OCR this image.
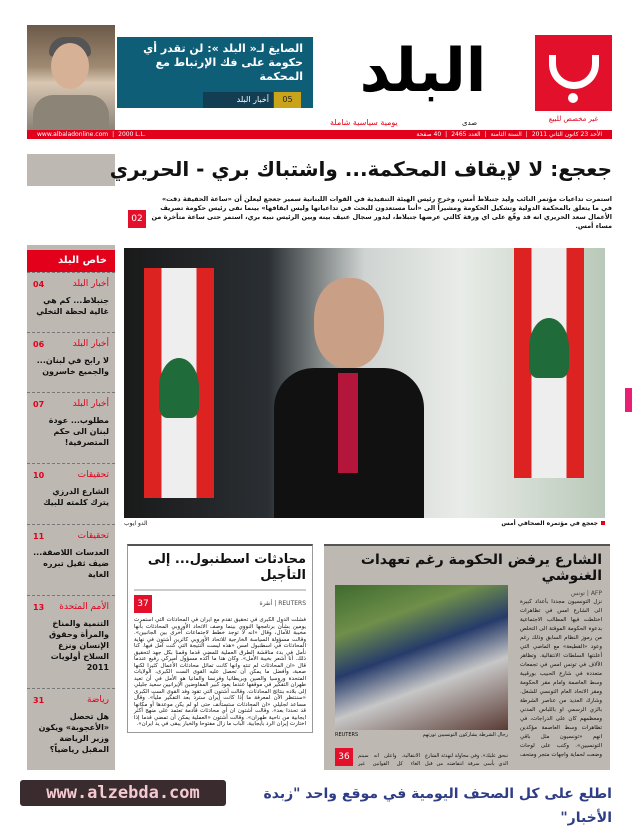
الصايغ لـ« البلد »: لن تقدر أي حكومة على فك الإرتباط مع المحكمة
أخبار البلد	05	البلد
صدى
يومية سياسية شاملة	غير مخصص للبيع
www.albaladonline.com | 2000 L.L.	الأحد 23 كانون الثاني 2011|السنة الثامنة|العدد 2465|40 صفحة
جعجع: لا لإيقاف المحكمة... واشتباك بري - الحريري
استمرت تداعيات مؤتمر النائب وليد جنبلاط أمس، وخرج رئيس الهيئة التنفيذية في القوات اللبنانية سمير جعجع ليعلن أن «ساعة الحقيقة دقت» في ما يتعلق بالمحكمة الدولية وتشكيل الحكومة ومشيراً الى «أننا مستعدون للبحث في تداعياتها وليس ايقافها» بينما نفى رئيس حكومة تصريف الأعمال سعد الحريري انه قد وقّع على اي ورقة كالتي عرضها جنبلاط، ليدور سجال عنيف بينه وبين الرئيس نبيه بري، استمر حتى ساعة متأخرة من مساء أمس.
02
خاص البلد
04	أخبار البلد
جنبلاط... كم هي غالية لحظة التخلي
06	أخبار البلد
لا رابح في لبنان... والجميع خاسرون
07	أخبار البلد
مطلوب... عودة لبنان الى حكم المتصرفية!
10	تحقيقات
الشارع الدرزي يترك كلمته للبيك
11	تحقيقات
العدسات اللاصقة... ضيف ثقيل تبرره الغاية
13 الأمم المتحدة
التنمية والمناخ والمرأة وحقوق الإنسان ونزع السلاح أولويات 2011
31	رياضة
هل تحصل «الأعجوبة» ويكون وزير الرياضة المقبل رياضياً؟
الدو ايوب	جعجع في مؤتمره الصحافي أمس
محادثات اسطنبول... إلى التأجيل
37	أنقرة | REUTERS
فشلت الدول الكبرى في تحقيق تقدم مع ايران في المحادثات التي استمرت يومين بشأن برنامجها النووي بينما وصف الاتحاد الأوروبي المحادثات بأنها مخيبة للآمال، وقال «انه لا توجد خطط لاجتماعات أخرى بين الجانبين». وقالت مسؤولة السياسة الخارجية للاتحاد الأوروبي كاثرين أشتون في نهاية المحادثات في اسطنبول امس «هذه ليست النتيجة التي كنت آمل فيها. كنا نأمل في بدء مناقشة الطرق العملية للمضي قدما وقمنا بكل جهد لتحقيق ذلك. أنا أشعر بخيبة الأمل». وكان هنا ما أكده مسؤول أميركي رفيع عندما قال «ان المحادثات لم تنته وانها كانت تماثل محادثات الأعمال كثيرا لكنها صعبة، وأفضل ما يمكن أن تحصل عليه القوى الست الكبرى، الولايات المتحدة وروسيا والصين وبريطانيا وفرنسا والمانيا هو الأمل في أن تعيد طهران التفكير في موقفها عندما يعود كبير المفاوضين الإيرانيين سعيد جليلي إلى بلاده بنتائج المحادثات. وقالت أشتون التي تقود وفد القوى الست الكبرى «سننتظر الآن لمعرفة ما إذا كانت إيران سترد بعد التفكير ملياً». وقال مساعد لجليلي «ان المحادثات ستستأنف حتى لو لم يكن موعدها أو مكانها قد تحددا بعد». وقالت أشتون ان أي محادثات قادمة تعتمد على منهج أكثر ايجابية من ناحية طهران». وقالت أشتون «العملية يمكن أن تمضي قدما إذا اختارت إيران الرد بايجابية. الباب ما زال مفتوحا والخيار يبقى في يد ايران».
الشارع يرفض الحكومة رغم تعهدات الغنوشي
تونس | AFP
نزل التونسيون مجددا بأعداد كبيرة الى الشارع امس في تظاهرات اختلطت فيها المطالب الاجتماعية بدعوة الحكومة الموقتة الى التخلص من رموز النظام السابق وذلك رغم وعود «القطيعة» مع الماضي التي أعلنتها السلطات الانتقالية. وتظاهر الآلاف في تونس امس في تجمعات متعددة في شارع الحبيب بورقيبة وسط العاصمة وامام مقر الحكومة ومقر الاتحاد العام التونسي للشغل. وشارك العديد من عناصر الشرطة بالزي الرسمي او باللباس المدني ومعظمهم كان على الدراجات، في تظاهرات وسط العاصمة مؤكدين انهم «تونسيون مثل باقي التونسيين». وكتب على لوحات وضعت لحماية واجهات متجر ومتحف
REUTERS	رجال الشرطة يشاركون التونسيين ثورتهم
تبحق عليك». وفي محاولة لتهدئة الشارع الذي يأسى سرقة انتفاضته من قبل
الانتقالية. واعلن انه سيتم الغاء كل القوانين غير
36
www.alzebda.com	اطلع على كل الصحف اليومية في موقع واحد "زبدة الأخبار"
